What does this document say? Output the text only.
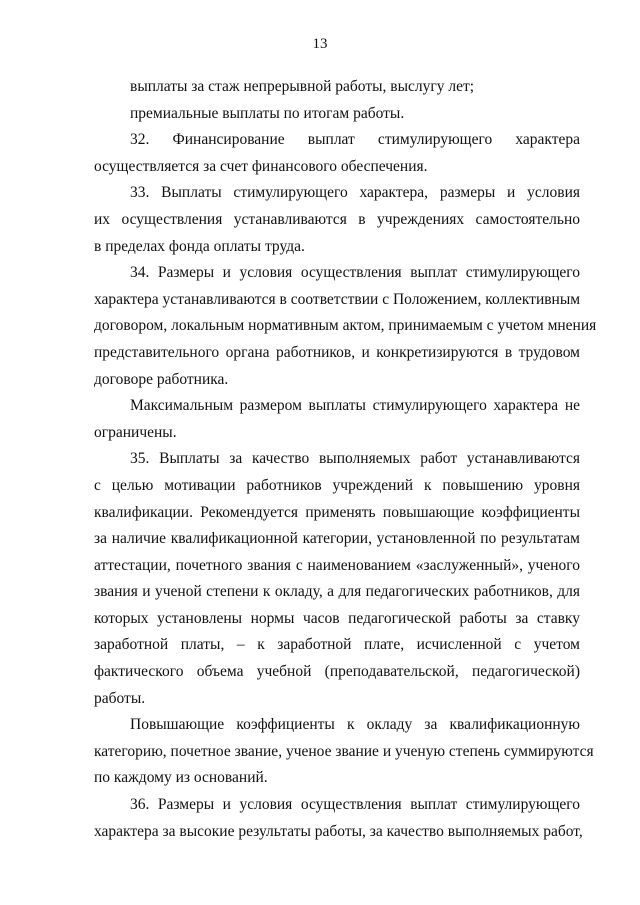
13
выплаты за стаж непрерывной работы, выслугу лет;
премиальные выплаты по итогам работы.
32. Финансирование выплат стимулирующего характера
осуществляется за счет финансового обеспечения.
33. Выплаты стимулирующего характера, размеры и условия
их осуществления устанавливаются в учреждениях самостоятельно
в пределах фонда оплаты труда.
34. Размеры и условия осуществления выплат стимулирующего
характера устанавливаются в соответствии с Положением, коллективным
договором, локальным нормативным актом, принимаемым с учетом мнения
представительного органа работников, и конкретизируются в трудовом
договоре работника.
Максимальным размером выплаты стимулирующего характера не
ограничены.
35. Выплаты за качество выполняемых работ устанавливаются
с целью мотивации работников учреждений к повышению уровня
квалификации. Рекомендуется применять повышающие коэффициенты
за наличие квалификационной категории, установленной по результатам
аттестации, почетного звания с наименованием «заслуженный», ученого
звания и ученой степени к окладу, а для педагогических работников, для
которых установлены нормы часов педагогической работы за ставку
заработной платы, – к заработной плате, исчисленной с учетом
фактического объема учебной (преподавательской, педагогической)
работы.
Повышающие коэффициенты к окладу за квалификационную
категорию, почетное звание, ученое звание и ученую степень суммируются
по каждому из оснований.
36. Размеры и условия осуществления выплат стимулирующего
характера за высокие результаты работы, за качество выполняемых работ,
